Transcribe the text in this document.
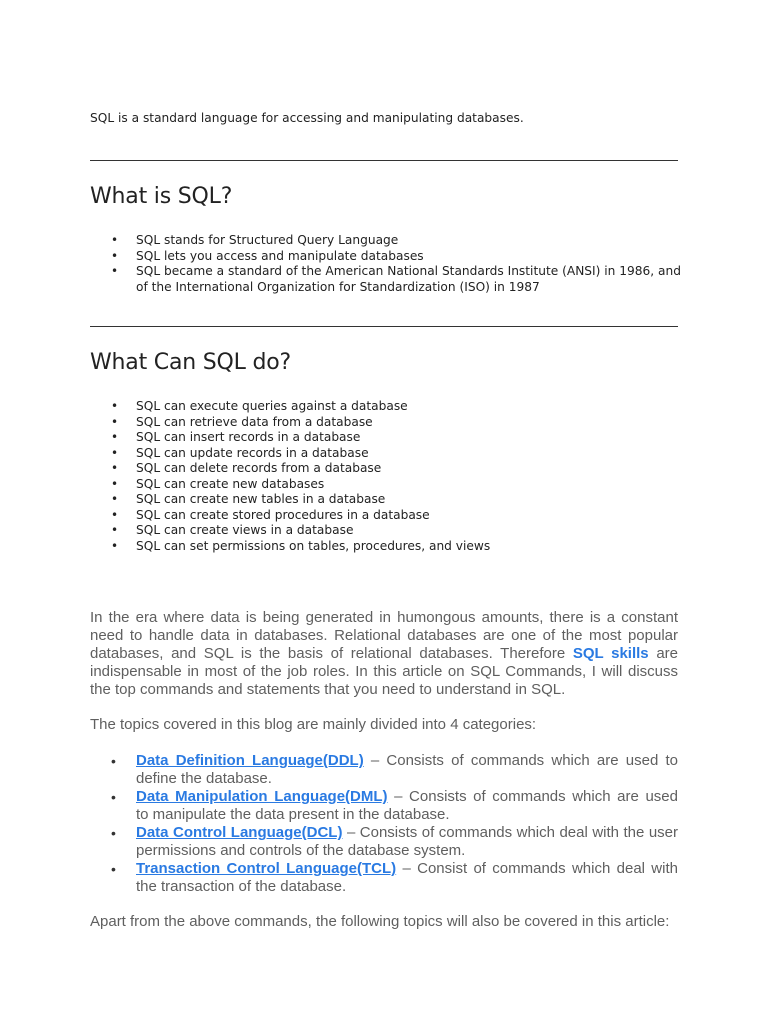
SQL is a standard language for accessing and manipulating databases.

What is SQL?
• SQL stands for Structured Query Language
• SQL lets you access and manipulate databases
• SQL became a standard of the American National Standards Institute (ANSI) in 1986, and
of the International Organization for Standardization (ISO) in 1987
What Can SQL do?
• SQL can execute queries against a database
• SQL can retrieve data from a database
• SQL can insert records in a database
• SQL can update records in a database
• SQL can delete records from a database
• SQL can create new databases
• SQL can create new tables in a database
• SQL can create stored procedures in a database
• SQL can create views in a database
• SQL can set permissions on tables, procedures, and views
In the era where data is being generated in humongous amounts, there is a constant
need to handle data in databases. Relational databases are one of the most popular
databases, and SQL is the basis of relational databases. Therefore SQL skills are
indispensable in most of the job roles. In this article on SQL Commands, I will discuss
the top commands and statements that you need to understand in SQL.

The topics covered in this blog are mainly divided into 4 categories:

• Data Definition Language(DDL) – Consists of commands which are used to
define the database.
• Data Manipulation Language(DML) – Consists of commands which are used
to manipulate the data present in the database.
• Data Control Language(DCL) – Consists of commands which deal with the user
permissions and controls of the database system.
• Transaction Control Language(TCL) – Consist of commands which deal with
the transaction of the database.

Apart from the above commands, the following topics will also be covered in this article:
